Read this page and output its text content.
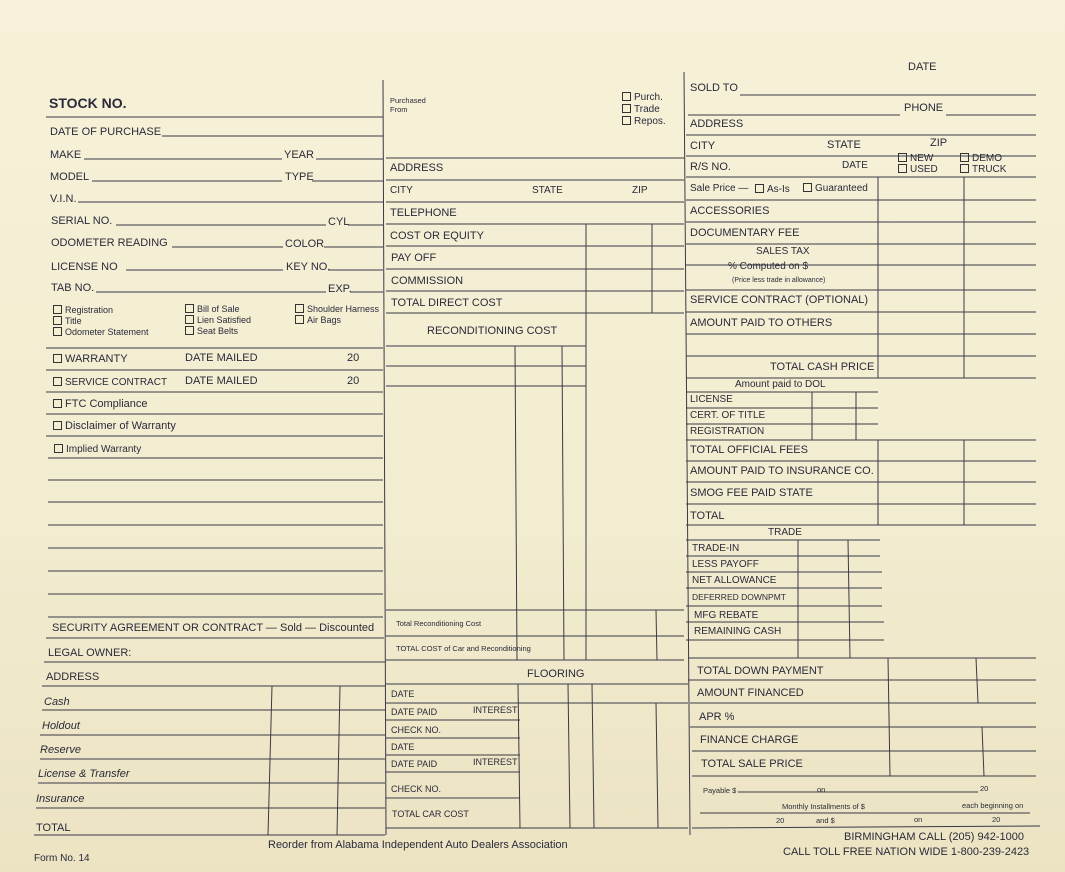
STOCK NO.
DATE OF PURCHASE
MAKE	YEAR
MODEL	TYPE
V.I.N.
SERIAL NO.	CYL
ODOMETER READING	COLOR
LICENSE NO	KEY NO.
TAB NO.	EXP.
Registration
Title
Odometer Statement
Bill of Sale
Lien Satisfied
Seat Belts
Shoulder Harness
Air Bags
WARRANTY	DATE MAILED	20
SERVICE CONTRACT DATE MAILED	20
FTC Compliance
Disclaimer of Warranty
Implied Warranty
SECURITY AGREEMENT OR CONTRACT — Sold — Discounted
LEGAL OWNER:
ADDRESS
Cash
Holdout
Reserve
License & Transfer
Insurance
TOTAL
Form No. 14
Purchased From
Purch.
Trade
Repos.
ADDRESS
CITY	STATE	ZIP
TELEPHONE
COST OR EQUITY
PAY OFF
COMMISSION
TOTAL DIRECT COST
RECONDITIONING COST
Total Reconditioning Cost
TOTAL COST of Car and Reconditioning
FLOORING
DATE
DATE PAID	INTEREST
CHECK NO.
DATE
DATE PAID	INTEREST
CHECK NO.
TOTAL CAR COST
Reorder from Alabama Independent Auto Dealers Association
DATE
SOLD TO
PHONE
ADDRESS
CITY	STATE	ZIP
R/S NO.	DATE
NEW
USED
DEMO
TRUCK
Sale Price —	As-Is	Guaranteed
ACCESSORIES
DOCUMENTARY FEE
SALES TAX
% Computed on $
(Price less trade in allowance)
SERVICE CONTRACT (OPTIONAL)
AMOUNT PAID TO OTHERS
TOTAL CASH PRICE
Amount paid to DOL
LICENSE
CERT. OF TITLE
REGISTRATION
TOTAL OFFICIAL FEES
AMOUNT PAID TO INSURANCE CO.
SMOG FEE PAID STATE
TOTAL
TRADE
TRADE-IN
LESS PAYOFF
NET ALLOWANCE
DEFERRED DOWNPMT
MFG REBATE
REMAINING CASH
TOTAL DOWN PAYMENT
AMOUNT FINANCED
APR %
FINANCE CHARGE
TOTAL SALE PRICE
Payable $	on	20
Monthly Installments of $	each beginning on
20	and $	on	20
BIRMINGHAM CALL (205) 942-1000
CALL TOLL FREE NATION WIDE 1-800-239-2423
